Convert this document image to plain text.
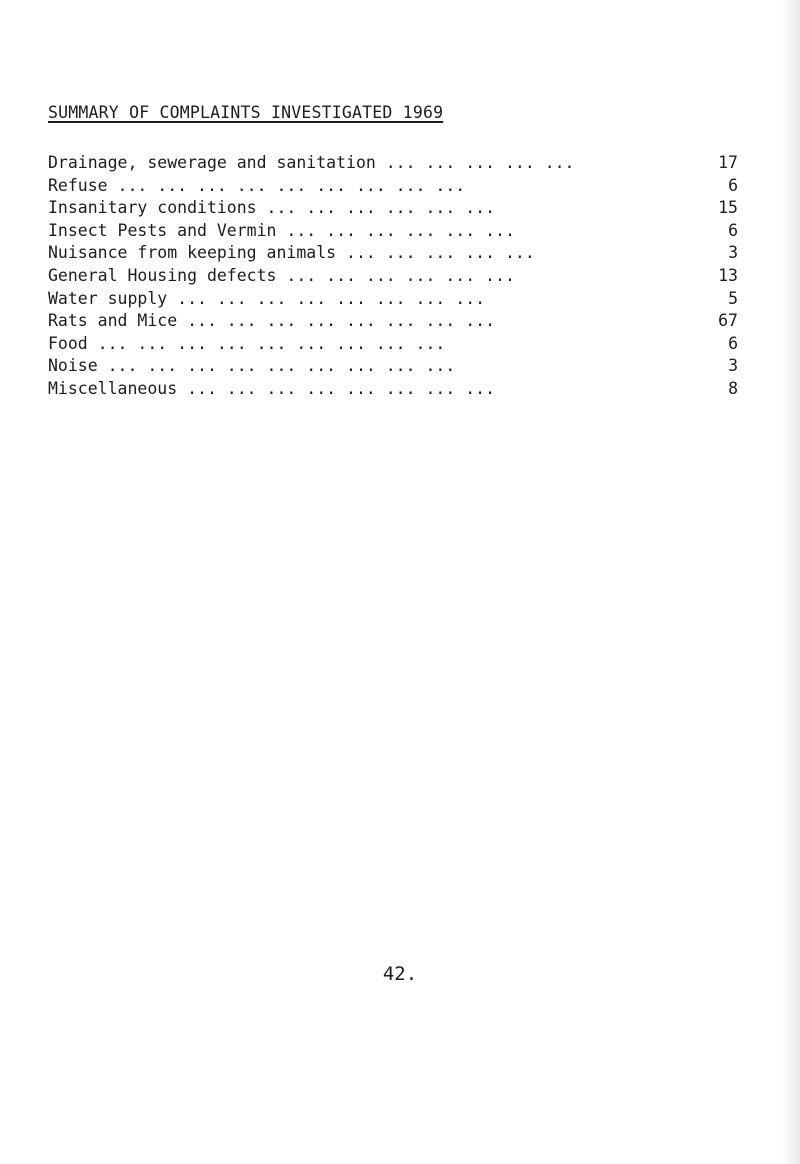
SUMMARY OF COMPLAINTS INVESTIGATED 1969
Drainage, sewerage and sanitation ... ... ... ... ...	17
Refuse ... ... ... ... ... ... ... ... ...	6
Insanitary conditions ... ... ... ... ... ...	15
Insect Pests and Vermin ... ... ... ... ... ...	6
Nuisance from keeping animals ... ... ... ... ...	3
General Housing defects ... ... ... ... ... ...	13
Water supply ... ... ... ... ... ... ... ...	5
Rats and Mice ... ... ... ... ... ... ... ...	67
Food ... ... ... ... ... ... ... ... ...	6
Noise ... ... ... ... ... ... ... ... ...	3
Miscellaneous ... ... ... ... ... ... ... ...	8
42.
